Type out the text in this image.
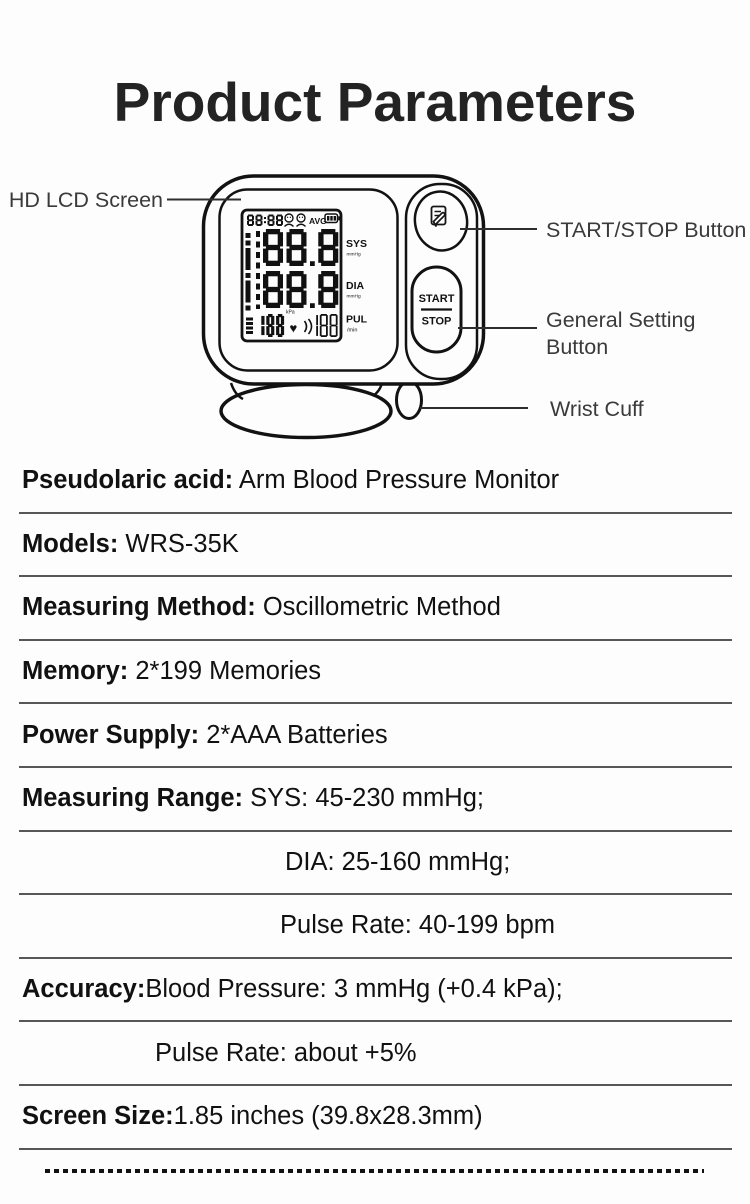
Product Parameters
AVG
SYS
mmHg
DIA
mmHg
kPa
♥
PUL
/min
START
STOP
HD LCD Screen
START/STOP Button
General Setting Button
Wrist Cuff
Pseudolaric acid: Arm Blood Pressure Monitor
Models: WRS-35K
Measuring Method: Oscillometric Method
Memory: 2*199 Memories
Power Supply: 2*AAA Batteries
Measuring Range: SYS: 45-230 mmHg;
DIA: 25-160 mmHg;
Pulse Rate: 40-199 bpm
Accuracy: Blood Pressure: 3 mmHg (+0.4 kPa);
Pulse Rate: about +5%
Screen Size: 1.85 inches (39.8x28.3mm)
